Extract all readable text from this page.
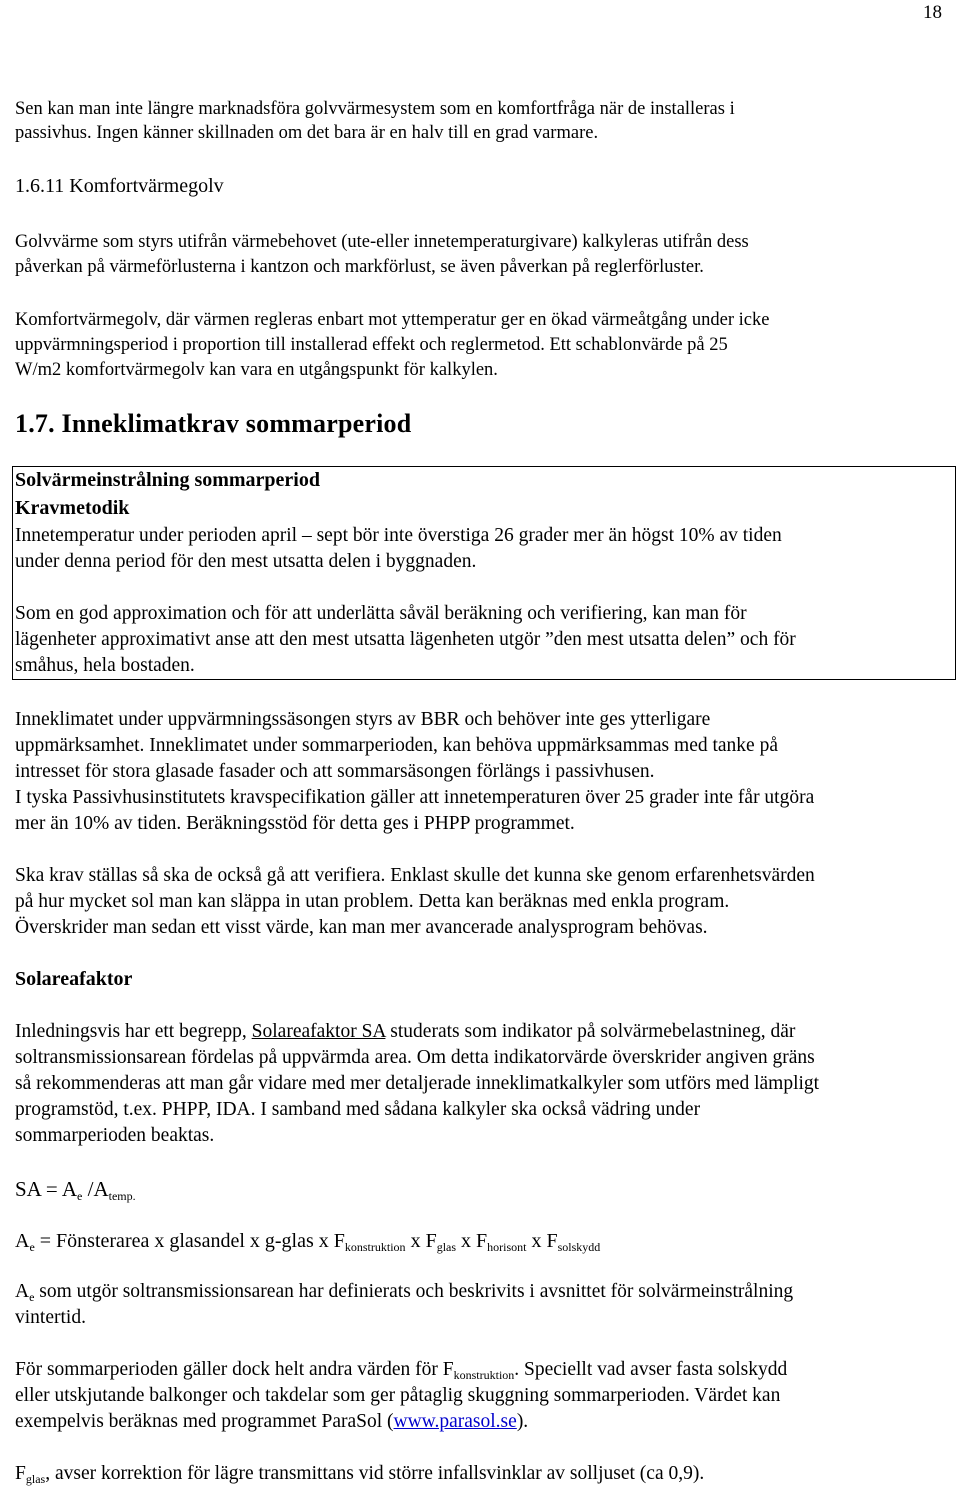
18
Sen kan man inte längre marknadsföra golvvärmesystem som en komfortfråga när de installeras i
passivhus. Ingen känner skillnaden om det bara är en halv till en grad varmare.
1.6.11 Komfortvärmegolv
Golvvärme som styrs utifrån värmebehovet (ute-eller innetemperaturgivare) kalkyleras utifrån dess
påverkan på värmeförlusterna i kantzon och markförlust, se även påverkan på reglerförluster.
Komfortvärmegolv, där värmen regleras enbart mot yttemperatur ger en ökad värmeåtgång under icke
uppvärmningsperiod i proportion till installerad effekt och reglermetod. Ett schablonvärde på 25
W/m2 komfortvärmegolv kan vara en utgångspunkt för kalkylen.
1.7. Inneklimatkrav sommarperiod
Solvärmeinstrålning sommarperiod
Kravmetodik
Innetemperatur under perioden april – sept bör inte överstiga 26 grader mer än högst 10% av tiden
under denna period för den mest utsatta delen i byggnaden.
Som en god approximation och för att underlätta såväl beräkning och verifiering, kan man för
lägenheter approximativt anse att den mest utsatta lägenheten utgör ”den mest utsatta delen” och för
småhus, hela bostaden.
Inneklimatet under uppvärmningssäsongen styrs av BBR och behöver inte ges ytterligare
uppmärksamhet. Inneklimatet under sommarperioden, kan behöva uppmärksammas med tanke på
intresset för stora glasade fasader och att sommarsäsongen förlängs i passivhusen.
I tyska Passivhusinstitutets kravspecifikation gäller att innetemperaturen över 25 grader inte får utgöra
mer än 10% av tiden. Beräkningsstöd för detta ges i PHPP programmet.
Ska krav ställas så ska de också gå att verifiera. Enklast skulle det kunna ske genom erfarenhetsvärden
på hur mycket sol man kan släppa in utan problem. Detta kan beräknas med enkla program.
Överskrider man sedan ett visst värde, kan man mer avancerade analysprogram behövas.
Solareafaktor
Inledningsvis har ett begrepp, Solareafaktor SA studerats som indikator på solvärmebelastnineg, där
soltransmissionsarean fördelas på uppvärmda area. Om detta indikatorvärde överskrider angiven gräns
så rekommenderas att man går vidare med mer detaljerade inneklimatkalkyler som utförs med lämpligt
programstöd, t.ex. PHPP, IDA. I samband med sådana kalkyler ska också vädring under
sommarperioden beaktas.
SA = $A_e$ $/A_{temp.}$
$A_e$ = Fönsterarea x glasandel x g-glas x $F_{konstruktion}$ x $F_{glas}$ x $F_{horisont}$ x $F_{solskydd}$
$A_e$ som utgör soltransmissionsarean har definierats och beskrivits i avsnittet för solvärmeinstrålning
vintertid.
För sommarperioden gäller dock helt andra värden för $F_{konstruktion}$. Speciellt vad avser fasta solskydd
eller utskjutande balkonger och takdelar som ger påtaglig skuggning sommarperioden. Värdet kan
exempelvis beräknas med programmet ParaSol (www.parasol.se).
$F_{glas}$, avser korrektion för lägre transmittans vid större infallsvinklar av solljuset (ca 0,9).
